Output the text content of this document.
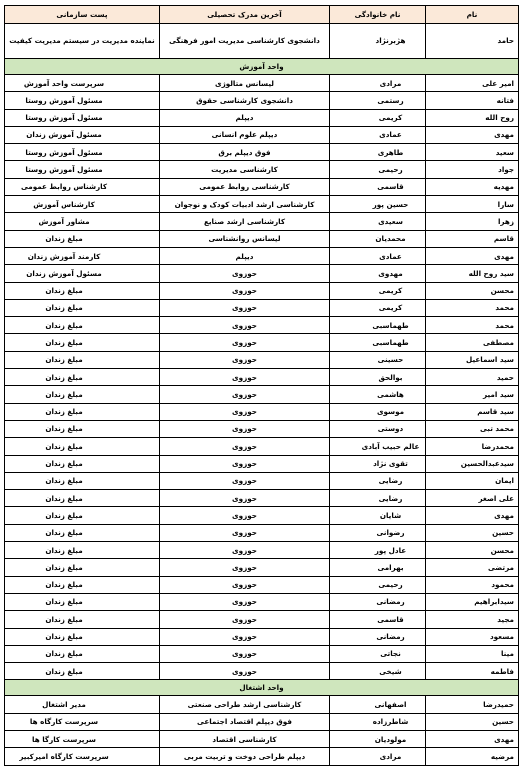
نام	نام خانوادگی	آخرین مدرک تحصیلی	پست سازمانی
حامد	هژبرنژاد	دانشجوی کارشناسی مدیریت امور فرهنگی	نماینده مدیریت در سیستم مدیریت کیفیت
واحد آموزش			
امیر علی	مرادی	لیسانس متالوژی	سرپرست واحد آموزش
فتانه	رستمی	دانشجوی کارشناسی حقوق	مسئول آموزش روستا
روح الله	کریمی	دیپلم	مسئول آموزش روستا
مهدی	عمادی	دیپلم علوم انسانی	مسئول آموزش زندان
سعید	طاهری	فوق دیپلم برق	مسئول آموزش روستا
جواد	رحیمی	کارشناسی مدیریت	مسئول آموزش روستا
مهدیه	قاسمی	کارشناسی روابط عمومی	کارشناس روابط عمومی
سارا	حسین پور	کارشناسی ارشد ادبیات کودک و نوجوان	کارشناس آموزش
زهرا	سعیدی	کارشناسی ارشد صنایع	مشاور آموزش
قاسم	محمدیان	لیسانس روانشناسی	مبلغ زندان
مهدی	عمادی	دیپلم	کارمند آموزش زندان
سید روح الله	مهدوی	حوزوی	مسئول آموزش زندان
محسن	کریمی	حوزوی	مبلغ زندان
محمد	کریمی	حوزوی	مبلغ زندان
محمد	طهماسبی	حوزوی	مبلغ زندان
مصطفی	طهماسبی	حوزوی	مبلغ زندان
سید اسماعیل	حسینی	حوزوی	مبلغ زندان
حمید	بوالحق	حوزوی	مبلغ زندان
سید امیر	هاشمی	حوزوی	مبلغ زندان
سید قاسم	موسوی	حوزوی	مبلغ زندان
محمد تبی	دوستی	حوزوی	مبلغ زندان
محمدرضا	عالم حبیب آبادی	حوزوی	مبلغ زندان
سیدعبدالحسین	تقوی نژاد	حوزوی	مبلغ زندان
ایمان	رضایی	حوزوی	مبلغ زندان
علی اصغر	رضایی	حوزوی	مبلغ زندان
مهدی	شایان	حوزوی	مبلغ زندان
حسین	رضوانی	حوزوی	مبلغ زندان
محسن	عادل پور	حوزوی	مبلغ زندان
مرتضی	بهرامی	حوزوی	مبلغ زندان
محمود	رحیمی	حوزوی	مبلغ زندان
سیدابراهیم	رمضانی	حوزوی	مبلغ زندان
مجید	قاسمی	حوزوی	مبلغ زندان
مسعود	رمضانی	حوزوی	مبلغ زندان
مینا	نجاتی	حوزوی	مبلغ زندان
فاطمه	شیخی	حوزوی	مبلغ زندان
واحد اشتغال			
حمیدرضا	اصفهانی	کارشناسی ارشد طراحی صنعتی	مدیر اشتغال
حسین	شاطرزاده	فوق دیپلم اقتصاد اجتماعی	سرپرست کارگاه ها
مهدی	مولودیان	کارشناسی اقتصاد	سرپرست کارگا ها
مرضیه	مرادی	دیپلم طراحی دوخت و تربیت مربی	سرپرست کارگاه امیرکبیر
